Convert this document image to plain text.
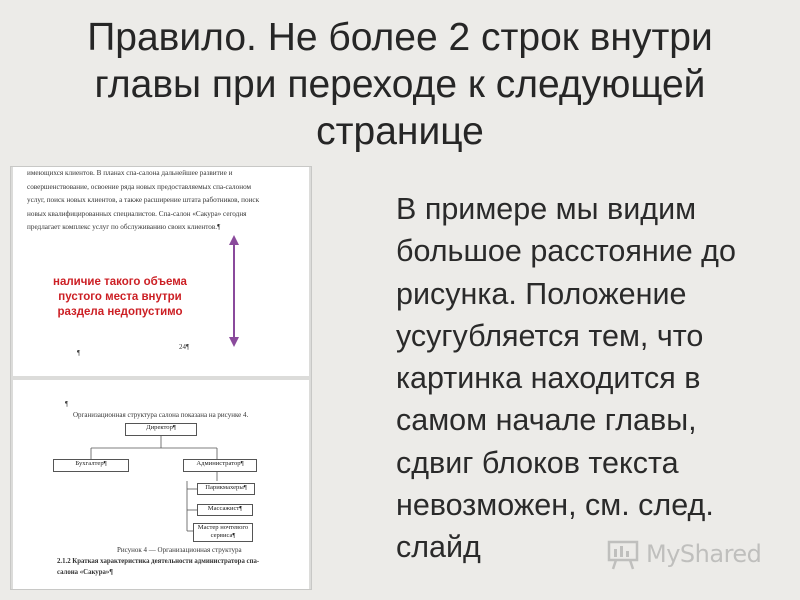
Правило. Не более 2 строк внутри
главы при переходе к следующей
странице
имеющихся клиентов. В планах спа-салона дальнейшее развитие и
совершенствование, освоение ряда новых предоставляемых спа-салоном
услуг, поиск новых клиентов, а также расширение штата работников, поиск
новых квалифицированных специалистов. Спа-салон «Сакура» сегодня
предлагает комплекс услуг по обслуживанию своих клиентов.¶
наличие такого объема
пустого места внутри
раздела недопустимо
¶
24¶
¶
Организационная структура салона показана на рисунке 4.
Директор¶
Бухгалтер¶	Администратор¶
Парикмахеры¶
Массажист¶
Мастер ночтевого сервиса¶
Рисунок 4 — Организационная структура
2.1.2 Краткая характеристика деятельности администратора спа-
салона «Сакура»¶
В примере мы видим
большое расстояние до
рисунка. Положение
усугубляется тем, что
картинка находится в
самом начале главы,
сдвиг блоков текста
невозможен, см. след.
слайд	MyShared
